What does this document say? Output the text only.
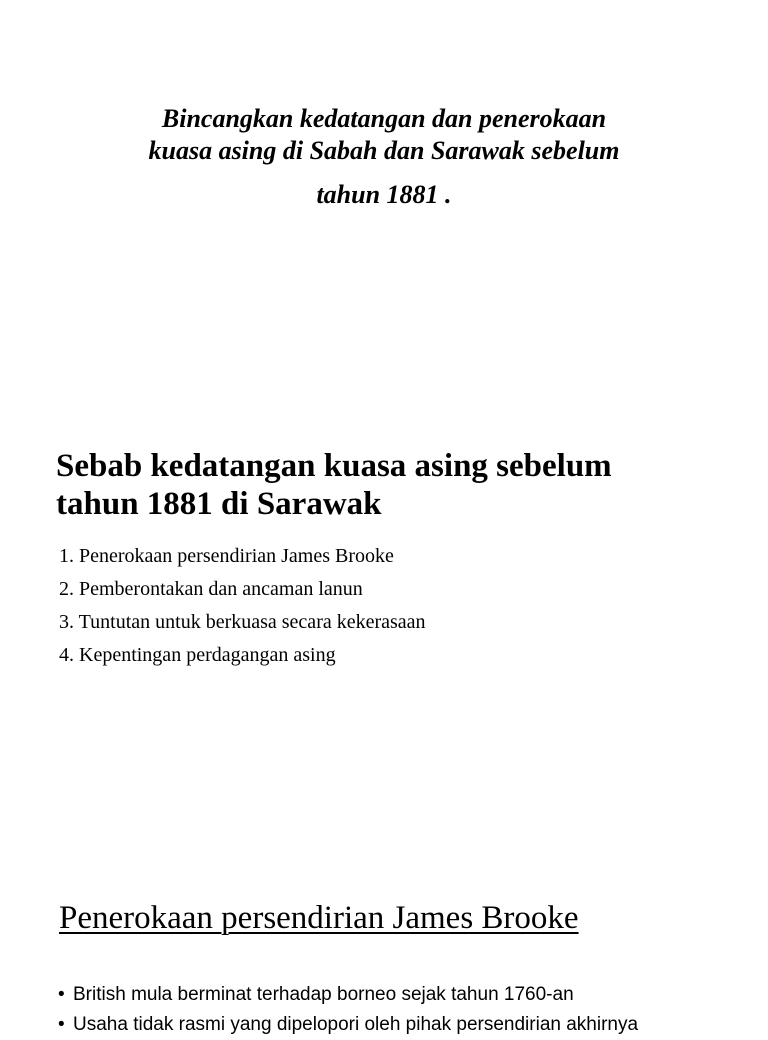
Bincangkan kedatangan dan penerokaan
kuasa asing di Sabah dan Sarawak sebelum
tahun 1881 .
Sebab kedatangan kuasa asing sebelum
tahun 1881 di Sarawak
1. Penerokaan persendirian James Brooke
2. Pemberontakan dan ancaman lanun
3. Tuntutan untuk berkuasa secara kekerasaan
4. Kepentingan perdagangan asing
Penerokaan persendirian James Brooke
• British mula berminat terhadap borneo sejak tahun 1760-an
• Usaha tidak rasmi yang dipelopori oleh pihak persendirian akhirnya
